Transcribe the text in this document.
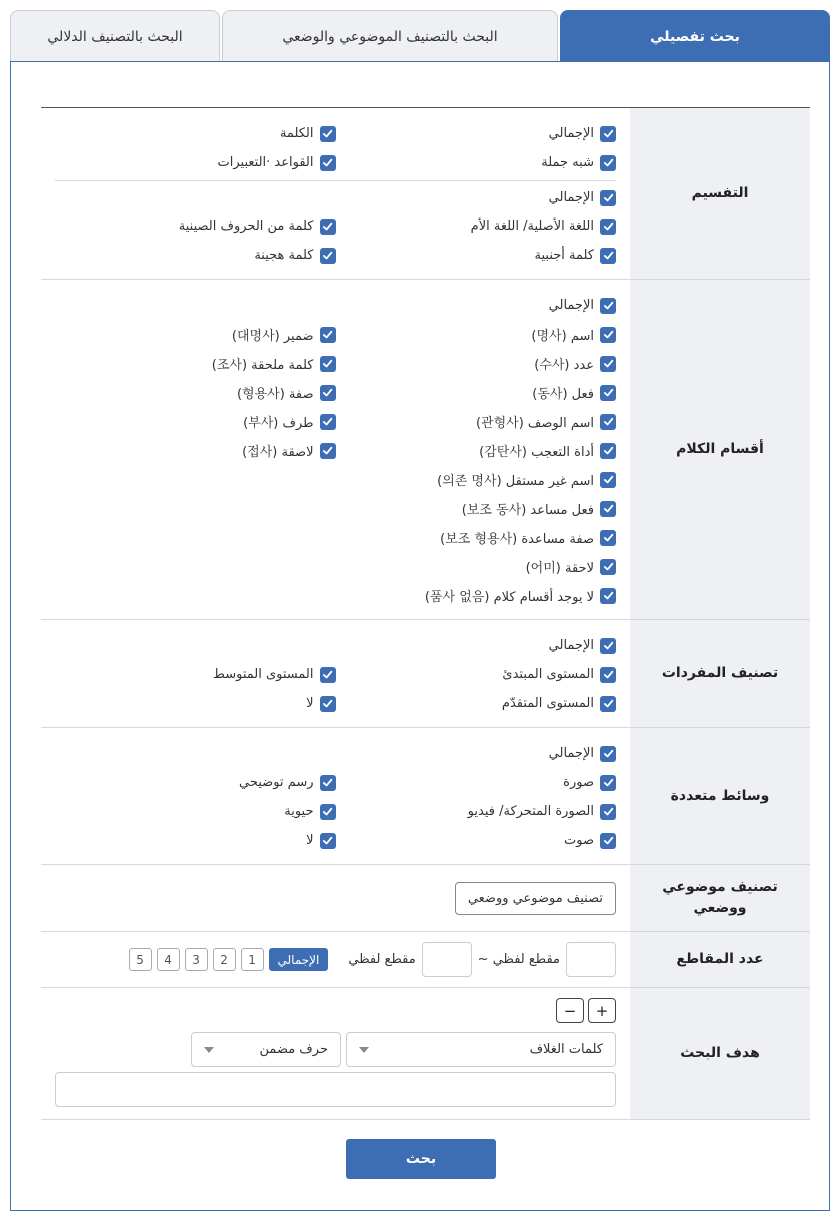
بحث تفصيلي
البحث بالتصنيف الموضوعي والوضعي
البحث بالتصنيف الدلالي
التفسيم
الإجمالي
شبه جملة
الكلمة
القواعد ·التعبيرات
الإجمالي
اللغة الأصلية/ اللغة الأم
كلمة أجنبية
كلمة من الحروف الصينية
كلمة هجينة
أقسام الكلام
الإجمالي
اسم (명사)
عدد (수사)
فعل (동사)
اسم الوصف (관형사)
أداة التعجب (감탄사)
اسم غير مستقل (의존 명사)
فعل مساعد (보조 동사)
صفة مساعدة (보조 형용사)
لاحقة (어미)
لا يوجد أقسام كلام (품사 없음)
ضمير (대명사)
كلمة ملحقة (조사)
صفة (형용사)
طرف (부사)
لاصقة (접사)
تصنيف المفردات
الإجمالي
المستوى المبتدئ
المستوى المتقدّم
المستوى المتوسط
لا
وسائط متعددة
الإجمالي
صورة
الصورة المتحركة/ فيديو
صوت
رسم توضيحي
حيوية
لا
تصنيف موضوعي ووضعي
تصنيف موضوعي ووضعي
عدد المقاطع
مقطع لفظي ~
مقطع لفظي
الإجمالي
1
2
3
4
5
هدف البحث
+
−
كلمات الغلاف
حرف مضمن
بحث
